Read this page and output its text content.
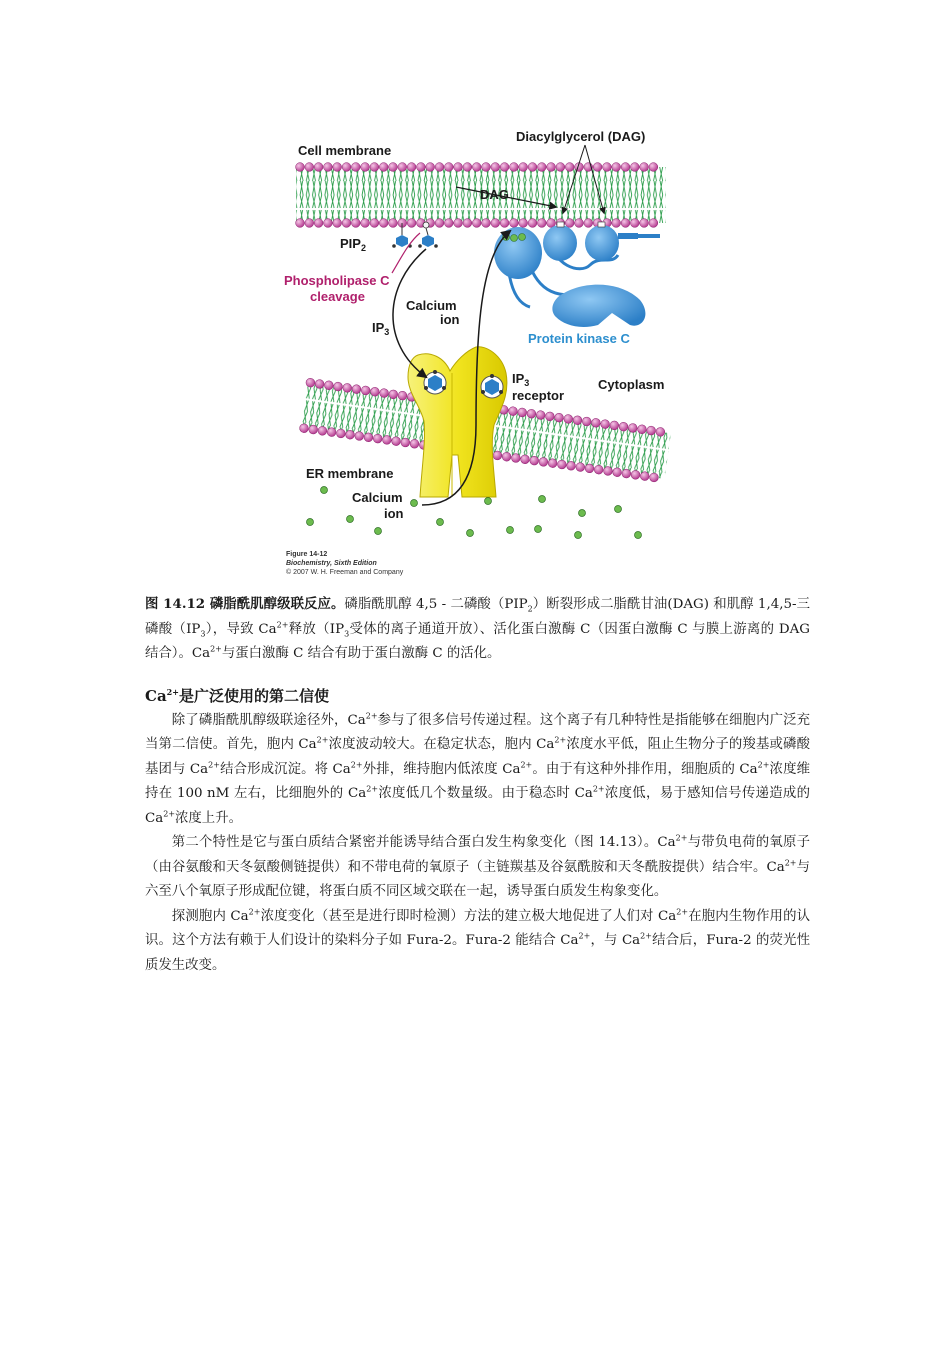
Cell membrane
Diacylglycerol (DAG)
DAG
$PIP_2$
Phospholipase C
cleavage
Calcium
ion
$IP_3$	Protein kinase C
$IP_3$
receptor
Cytoplasm
ER membrane
Calcium
ion
Figure 14-12
Biochemistry, Sixth Edition
© 2007 W. H. Freeman and Company

图 14.12 磷脂酰肌醇级联反应。磷脂酰肌醇 4,5 - 二磷酸$(PIP_2)$断裂形成二脂酰甘油(DAG) 和肌醇 1,4,5-三磷酸$(IP_3)$，导致 $Ca^{2+}$释放（$IP_3$受体的离子通道开放）、活化蛋白激酶 C（因蛋白激酶 C 与膜上游离的 DAG 结合）。$Ca^{2+}$与蛋白激酶 C 结合有助于蛋白激酶 C 的活化。

$Ca^{2+}$是广泛使用的第二信使

除了磷脂酰肌醇级联途径外，$Ca^{2+}$参与了很多信号传递过程。这个离子有几种特性是指能够在细胞内广泛充当第二信使。首先，胞内 $Ca^{2+}$浓度波动较大。在稳定状态，胞内 $Ca^{2+}$浓度水平低，阻止生物分子的羧基或磷酸基团与 $Ca^{2+}$结合形成沉淀。将 $Ca^{2+}$外排，维持胞内低浓度 $Ca^{2+}$。由于有这种外排作用，细胞质的 $Ca^{2+}$浓度维持在 100 nM 左右，比细胞外的 $Ca^{2+}$浓度低几个数量级。由于稳态时 $Ca^{2+}$浓度低，易于感知信号传递造成的 $Ca^{2+}$浓度上升。

第二个特性是它与蛋白质结合紧密并能诱导结合蛋白发生构象变化（图 14.13）。$Ca^{2+}$与带负电荷的氧原子（由谷氨酸和天冬氨酸侧链提供）和不带电荷的氧原子（主链羰基及谷氨酰胺和天冬酰胺提供）结合牢。$Ca^{2+}$与六至八个氧原子形成配位键，将蛋白质不同区域交联在一起，诱导蛋白质发生构象变化。

探测胞内 $Ca^{2+}$浓度变化（甚至是进行即时检测）方法的建立极大地促进了人们对 $Ca^{2+}$在胞内生物作用的认识。这个方法有赖于人们设计的染料分子如 Fura-2。Fura-2 能结合 $Ca^{2+}$，与 $Ca^{2+}$结合后，Fura-2 的荧光性质发生改变。
